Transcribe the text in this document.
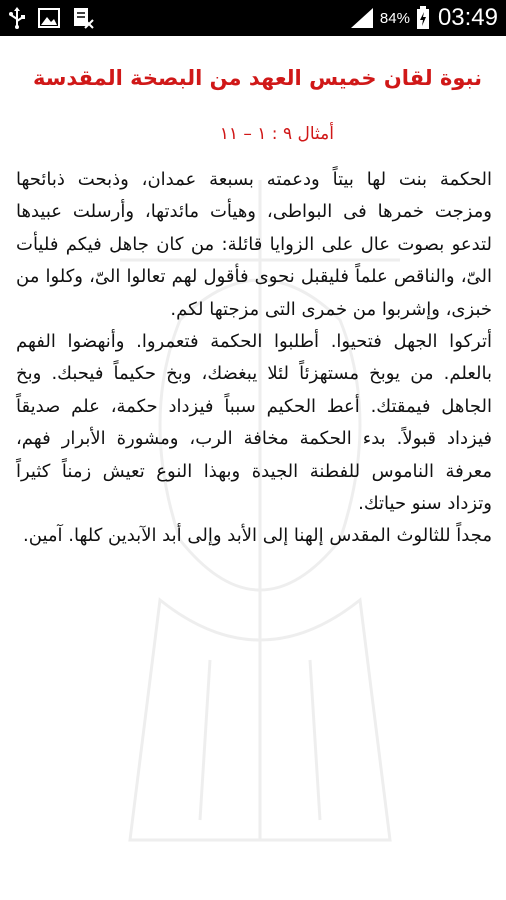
84% 03:49
نبوة لقان خميس العهد من البصخة المقدسة
أمثال ٩ : ١ – ١١

الحكمة بنت لها بيتاً ودعمته بسبعة عمدان، وذبحت ذبائحها ومزجت خمرها فى البواطى، وهيأت مائدتها، وأرسلت عبيدها لتدعو بصوت عال على الزوايا قائلة: من كان جاهل فيكم فليأت الىّ، والناقص علماً فليقبل نحوى فأقول لهم تعالوا الىّ، وكلوا من خبزى، وإشربوا من خمرى التى مزجتها لكم.

أتركوا الجهل فتحيوا. أطلبوا الحكمة فتعمروا. وأنهضوا الفهم بالعلم. من يوبخ مستهزئاً لئلا يبغضك، وبخ حكيماً فيحبك. وبخ الجاهل فيمقتك. أعط الحكيم سبباً فيزداد حكمة، علم صديقاً فيزداد قبولاً. بدء الحكمة مخافة الرب، ومشورة الأبرار فهم، معرفة الناموس للفطنة الجيدة وبهذا النوع تعيش زمناً كثيراً وتزداد سنو حياتك.

مجداً للثالوث المقدس إلهنا إلى الأبد وإلى أبد الآبدين كلها. آمين.
